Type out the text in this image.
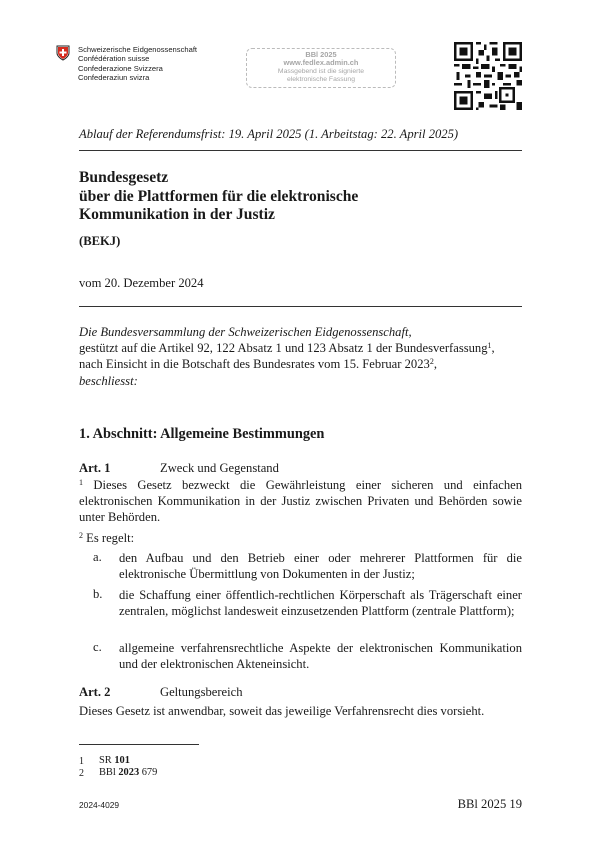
Schweizerische Eidgenossenschaft
Confédération suisse
Confederazione Svizzera
Confederaziun svizra
BBl 2025
www.fedlex.admin.ch
Massgebend ist die signierte
elektronische Fassung
Ablauf der Referendumsfrist: 19. April 2025 (1. Arbeitstag: 22. April 2025)
Bundesgesetz
über die Plattformen für die elektronische
Kommunikation in der Justiz
(BEKJ)
vom 20. Dezember 2024
Die Bundesversammlung der Schweizerischen Eidgenossenschaft,
gestützt auf die Artikel 92, 122 Absatz 1 und 123 Absatz 1 der Bundesverfassung$^1$,
nach Einsicht in die Botschaft des Bundesrates vom 15. Februar 2023$^2$,
beschliesst:
1. Abschnitt: Allgemeine Bestimmungen
Art. 1	Zweck und Gegenstand
$^1$ Dieses Gesetz bezweckt die Gewährleistung einer sicheren und einfachen elektronischen Kommunikation in der Justiz zwischen Privaten und Behörden sowie unter Behörden.
$^2$ Es regelt:
a. den Aufbau und den Betrieb einer oder mehrerer Plattformen für die elektronische Übermittlung von Dokumenten in der Justiz;
b. die Schaffung einer öffentlich-rechtlichen Körperschaft als Trägerschaft einer zentralen, möglichst landesweit einzusetzenden Plattform (zentrale Plattform);
c. allgemeine verfahrensrechtliche Aspekte der elektronischen Kommunikation und der elektronischen Akteneinsicht.
Art. 2	Geltungsbereich
Dieses Gesetz ist anwendbar, soweit das jeweilige Verfahrensrecht dies vorsieht.
1 SR 101
2 BBl 2023 679
2024-4029	BBl 2025 19
